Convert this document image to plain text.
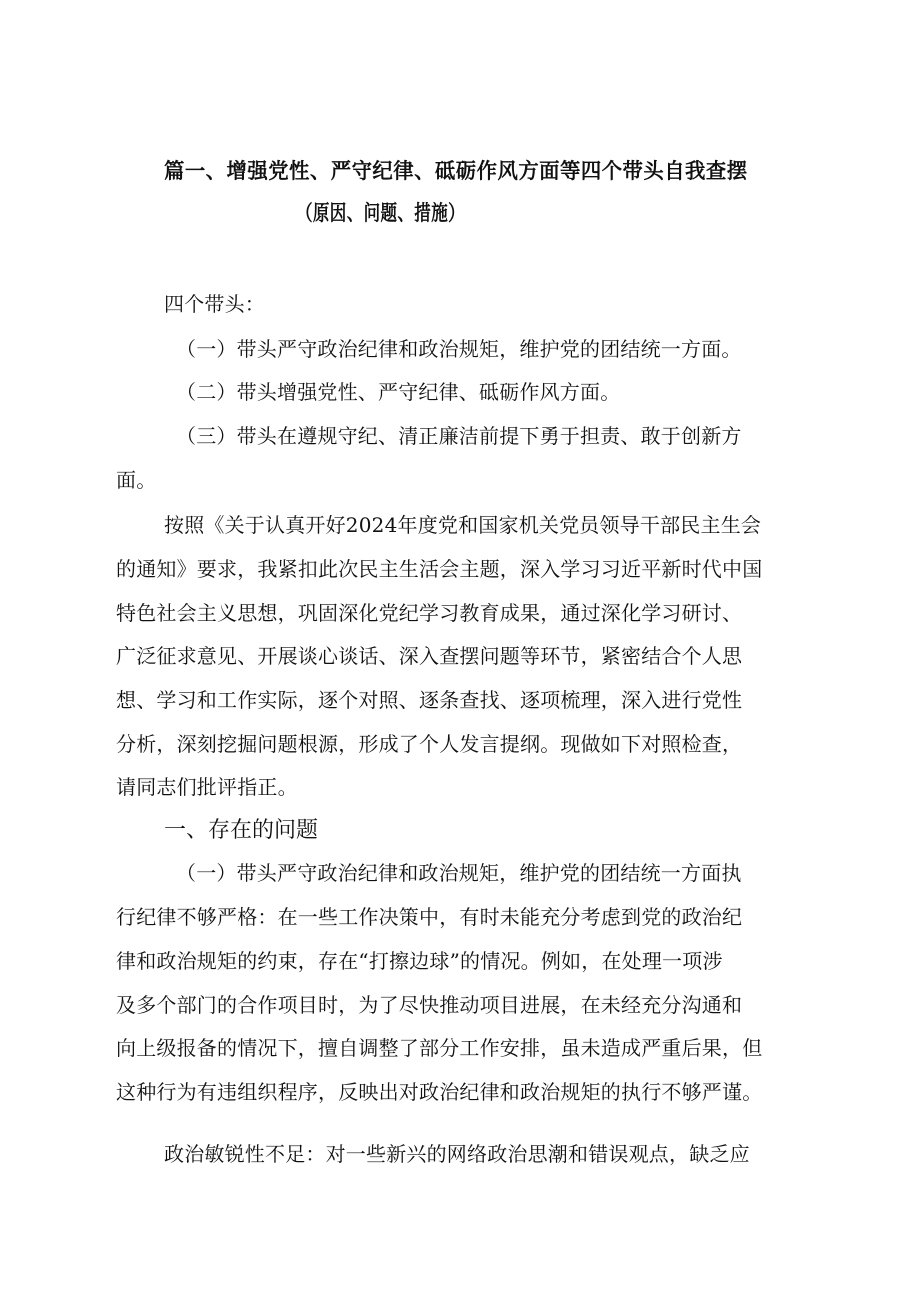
篇一、增强党性、严守纪律、砥砺作风方面等四个带头自我查摆
（原因、问题、措施）
四个带头：
（一）带头严守政治纪律和政治规矩，维护党的团结统一方面。
（二）带头增强党性、严守纪律、砥砺作风方面。
（三）带头在遵规守纪、清正廉洁前提下勇于担责、敢于创新方
面。
按照《关于认真开好2024年度党和国家机关党员领导干部民主生会
的通知》要求，我紧扣此次民主生活会主题，深入学习习近平新时代中国
特色社会主义思想，巩固深化党纪学习教育成果，通过深化学习研讨、
广泛征求意见、开展谈心谈话、深入查摆问题等环节，紧密结合个人思
想、学习和工作实际，逐个对照、逐条查找、逐项梳理，深入进行党性
分析，深刻挖掘问题根源，形成了个人发言提纲。现做如下对照检查，
请同志们批评指正。
一、存在的问题
（一）带头严守政治纪律和政治规矩，维护党的团结统一方面执
行纪律不够严格：在一些工作决策中，有时未能充分考虑到党的政治纪
律和政治规矩的约束，存在“打擦边球”的情况。例如，在处理一项涉
及多个部门的合作项目时，为了尽快推动项目进展，在未经充分沟通和
向上级报备的情况下，擅自调整了部分工作安排，虽未造成严重后果，但
这种行为有违组织程序，反映出对政治纪律和政治规矩的执行不够严谨。
政治敏锐性不足：对一些新兴的网络政治思潮和错误观点，缺乏应
